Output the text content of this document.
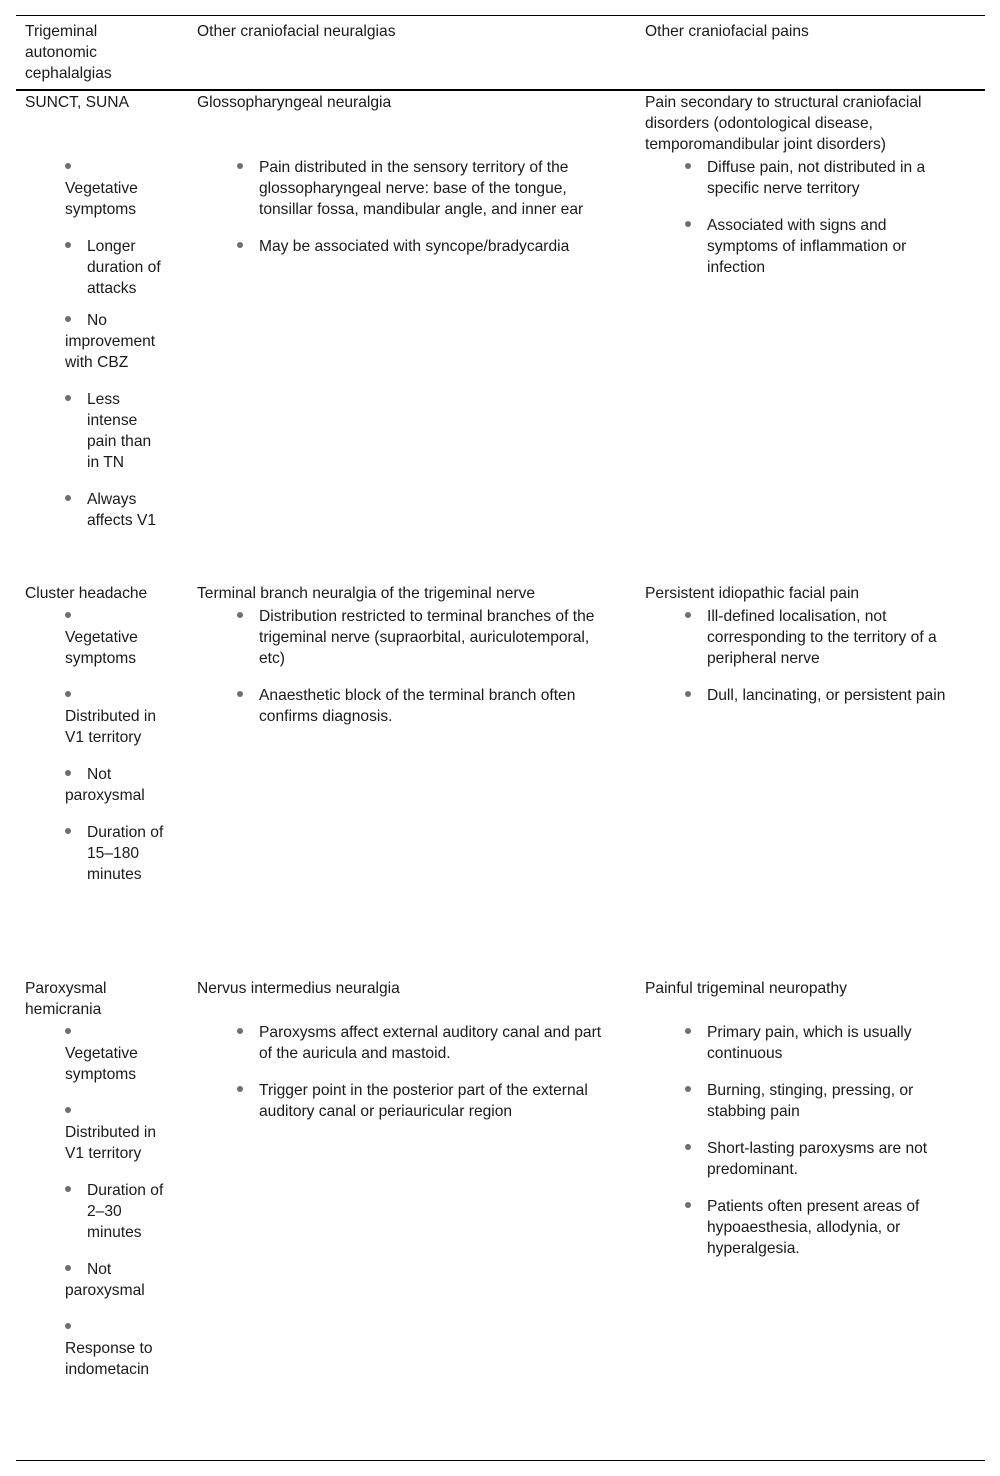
Trigeminal autonomic cephalalgias
Other craniofacial neuralgias	Other craniofacial pains
SUNCT, SUNA

Vegetative symptoms
Longer duration of attacks
No improvement with CBZ
Less intense pain than in TN
Always affects V1
Glossopharyngeal neuralgia
Pain distributed in the sensory territory of the glossopharyngeal nerve: base of the tongue, tonsillar fossa, mandibular angle, and inner ear
May be associated with syncope/bradycardia
Pain secondary to structural craniofacial disorders (odontological disease, temporomandibular joint disorders)
Diffuse pain, not distributed in a specific nerve territory
Associated with signs and symptoms of inflammation or infection
Cluster headache

Vegetative symptoms

Distributed in V1 territory
Not paroxysmal
Duration of 15–180 minutes
Terminal branch neuralgia of the trigeminal nerve
Distribution restricted to terminal branches of the trigeminal nerve (supraorbital, auriculotemporal, etc)
Anaesthetic block of the terminal branch often confirms diagnosis.
Persistent idiopathic facial pain
Ill-defined localisation, not corresponding to the territory of a peripheral nerve
Dull, lancinating, or persistent pain
Paroxysmal hemicrania

Vegetative symptoms

Distributed in V1 territory
Duration of 2–30 minutes
Not paroxysmal

Response to indometacin
Nervus intermedius neuralgia
Paroxysms affect external auditory canal and part of the auricula and mastoid.
Trigger point in the posterior part of the external auditory canal or periauricular region
Painful trigeminal neuropathy
Primary pain, which is usually continuous
Burning, stinging, pressing, or stabbing pain
Short-lasting paroxysms are not predominant.
Patients often present areas of hypoaesthesia, allodynia, or hyperalgesia.
